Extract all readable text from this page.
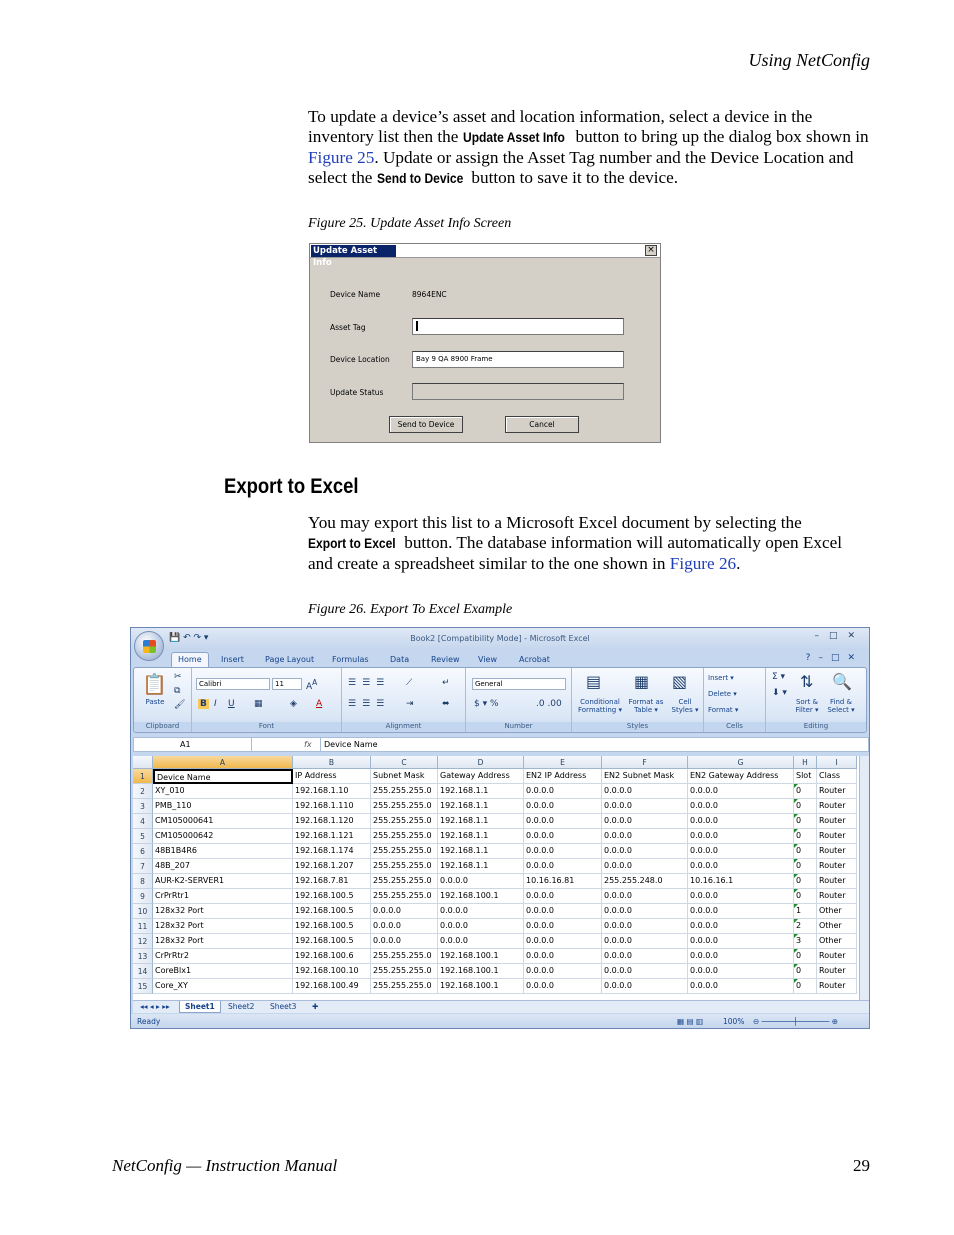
Using NetConfig

To update a device’s asset and location information, select a device in the inventory list then the Update Asset Info button to bring up the dialog box shown in Figure 25. Update or assign the Asset Tag number and the Device Location and select the Send to Device button to save it to the device.

Figure 25. Update Asset Info Screen
Update Asset Info
×
Device Name	8964ENC
Asset Tag
Device Location	Bay 9 QA 8900 Frame
Update Status
Send to Device	Cancel
Export to Excel

You may export this list to a Microsoft Excel document by selecting the Export to Excel button. The database information will automatically open Excel and create a spreadsheet similar to the one shown in Figure 26.

Figure 26. Export To Excel Example
💾 ↶ ↷ ▾	Book2 [Compatibility Mode] - Microsoft Excel	–□✕
Home	Insert	Page Layout Formulas	Data	Review View	Acrobat	?–□✕
📋
Paste
✂
⧉
🖌
Clipboard
Calibri	11	$A^A$
B I U ▦	◈ A
Font
☰☰☰ ⟋
☰☰☰ ⇥
↵
⬌
Alignment
General
$ ▾ %	.0 .00
Number
▤ ▦ ▧
Conditional Formatting ▾
Format as Table ▾
Cell Styles ▾
Styles
Insert ▾
Delete ▾
Format ▾
Cells
Σ ▾
⬇ ▾
⇅ 🔍
Sort & Filter ▾
Find & Select ▾
Editing
A1	fx	Device Name
A	B	C	D	E	F	G	H	I
1	Device Name	IP Address	Subnet Mask	Gateway Address	EN2 IP Address	EN2 Subnet Mask	EN2 Gateway Address	Slot Class
2	XY_010	192.168.1.10	255.255.255.0	192.168.1.1	0.0.0.0	0.0.0.0	0.0.0.0	0	Router
3	PMB_110	192.168.1.110	255.255.255.0	192.168.1.1	0.0.0.0	0.0.0.0	0.0.0.0	0	Router
4	CM105000641	192.168.1.120	255.255.255.0	192.168.1.1	0.0.0.0	0.0.0.0	0.0.0.0	0	Router
5	CM105000642	192.168.1.121	255.255.255.0	192.168.1.1	0.0.0.0	0.0.0.0	0.0.0.0	0	Router
6	48B1B4R6	192.168.1.174	255.255.255.0	192.168.1.1	0.0.0.0	0.0.0.0	0.0.0.0	0	Router
7	48B_207	192.168.1.207	255.255.255.0	192.168.1.1	0.0.0.0	0.0.0.0	0.0.0.0	0	Router
8	AUR-K2-SERVER1	192.168.7.81	255.255.255.0	0.0.0.0	10.16.16.81	255.255.248.0	10.16.16.1	0	Router
9	CrPrRtr1	192.168.100.5	255.255.255.0	192.168.100.1	0.0.0.0	0.0.0.0	0.0.0.0	0	Router
10 128x32 Port	192.168.100.5	0.0.0.0	0.0.0.0	0.0.0.0	0.0.0.0	0.0.0.0	1	Other
11 128x32 Port	192.168.100.5	0.0.0.0	0.0.0.0	0.0.0.0	0.0.0.0	0.0.0.0	2	Other
12 128x32 Port	192.168.100.5	0.0.0.0	0.0.0.0	0.0.0.0	0.0.0.0	0.0.0.0	3	Other
13 CrPrRtr2	192.168.100.6	255.255.255.0	192.168.100.1	0.0.0.0	0.0.0.0	0.0.0.0	0	Router
14 CoreBlx1	192.168.100.10	255.255.255.0	192.168.100.1	0.0.0.0	0.0.0.0	0.0.0.0	0	Router
15 Core_XY	192.168.100.49	255.255.255.0	192.168.100.1	0.0.0.0	0.0.0.0	0.0.0.0	0	Router
◂◂ ◂ ▸ ▸▸	Sheet1	Sheet2	Sheet3	✚
Ready	▦ ▤ ▥	100% ⊖ ───────┼─────── ⊕
NetConfig — Instruction Manual	29
